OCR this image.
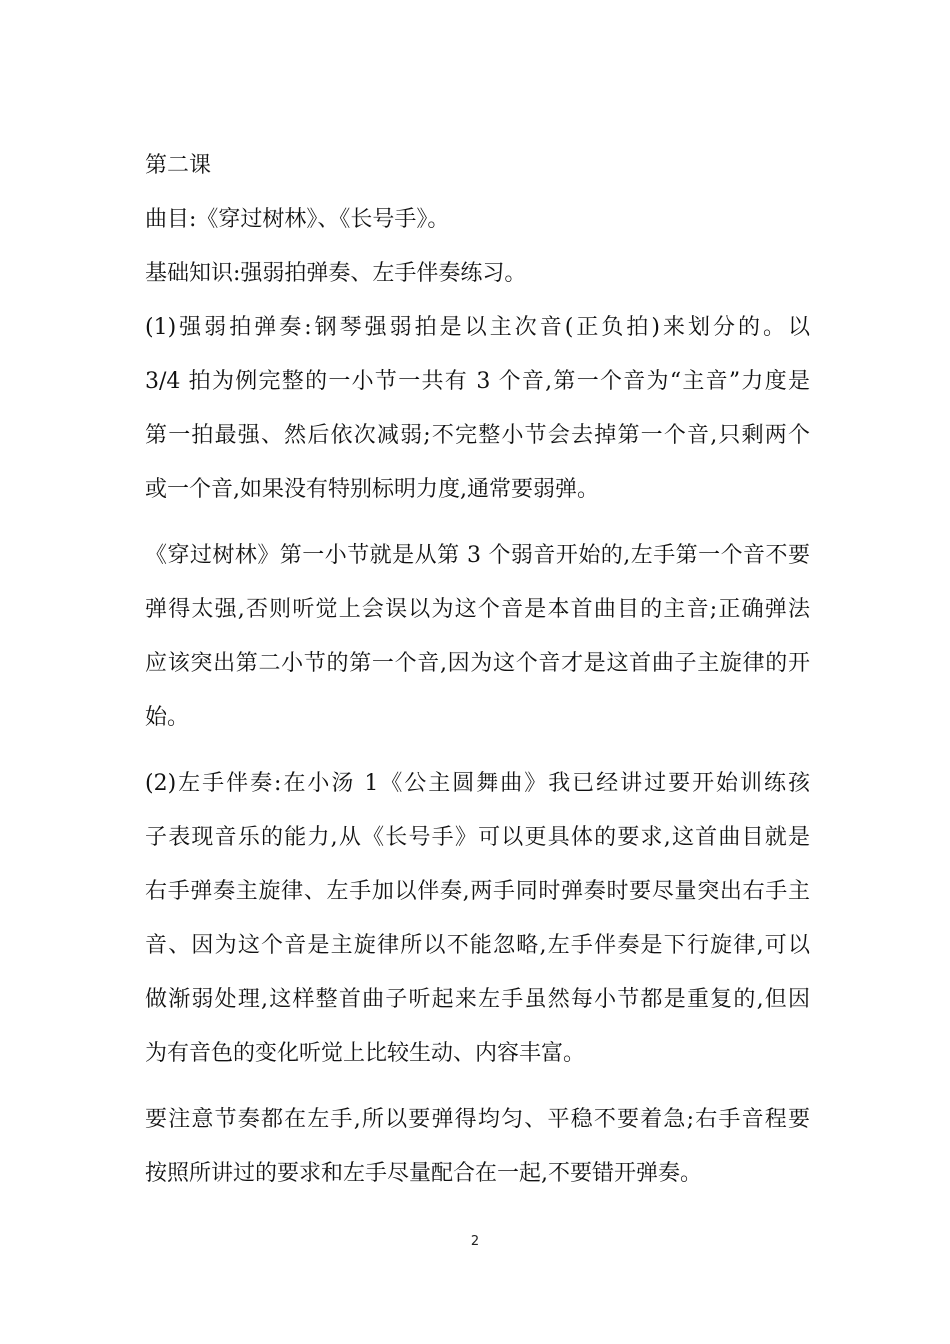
第二课

曲目:《穿过树林》、《长号手》。

基础知识:强弱拍弹奏、左手伴奏练习。

(1)强弱拍弹奏:钢琴强弱拍是以主次音(正负拍)来划分的。以

3/4 拍为例完整的一小节一共有 3 个音,第一个音为“主音”力度是

第一拍最强、然后依次减弱;不完整小节会去掉第一个音,只剩两个

或一个音,如果没有特别标明力度,通常要弱弹。

《穿过树林》第一小节就是从第 3 个弱音开始的,左手第一个音不要

弹得太强,否则听觉上会误以为这个音是本首曲目的主音;正确弹法

应该突出第二小节的第一个音,因为这个音才是这首曲子主旋律的开

始。

(2)左手伴奏:在小汤 1《公主圆舞曲》我已经讲过要开始训练孩

子表现音乐的能力,从《长号手》可以更具体的要求,这首曲目就是

右手弹奏主旋律、左手加以伴奏,两手同时弹奏时要尽量突出右手主

音、因为这个音是主旋律所以不能忽略,左手伴奏是下行旋律,可以

做渐弱处理,这样整首曲子听起来左手虽然每小节都是重复的,但因

为有音色的变化听觉上比较生动、内容丰富。

要注意节奏都在左手,所以要弹得均匀、平稳不要着急;右手音程要

按照所讲过的要求和左手尽量配合在一起,不要错开弹奏。

2
